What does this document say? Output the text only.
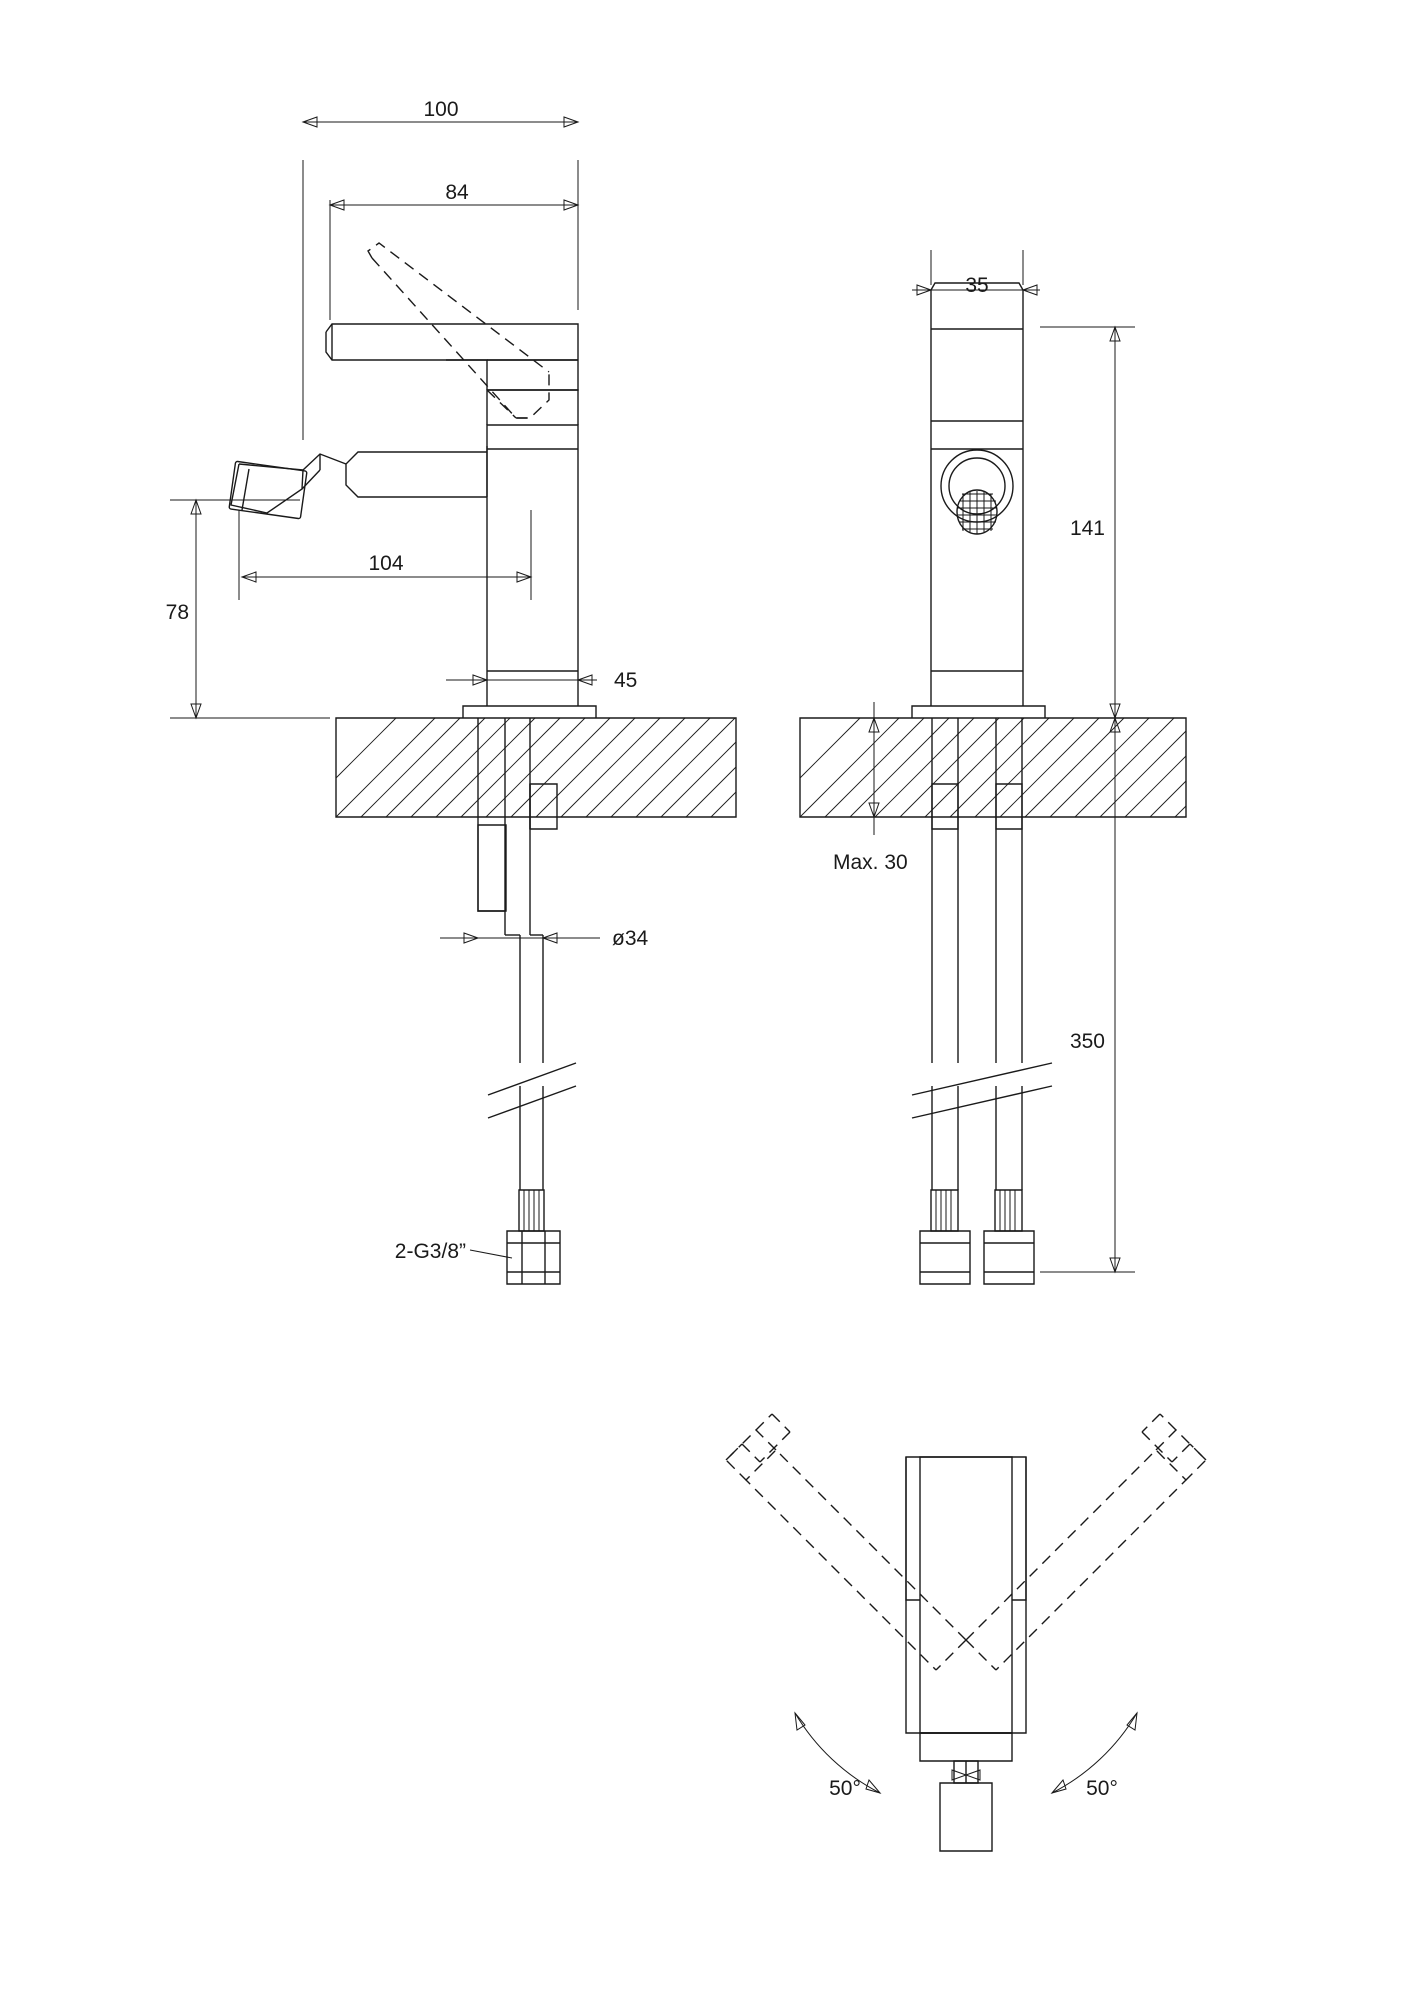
100
84
104
78
45
ø34
2-G3/8”
35
141
Max. 30
350
50°	50°
